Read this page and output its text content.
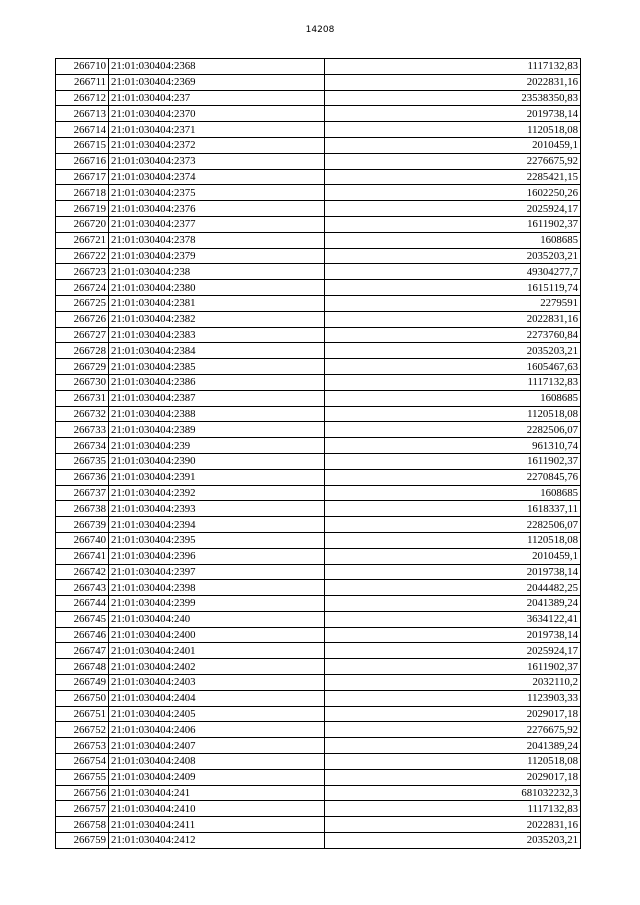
14208
266710	21:01:030404:2368	1117132,83
266711	21:01:030404:2369	2022831,16
266712	21:01:030404:237	23538350,83
266713	21:01:030404:2370	2019738,14
266714	21:01:030404:2371	1120518,08
266715	21:01:030404:2372	2010459,1
266716	21:01:030404:2373	2276675,92
266717	21:01:030404:2374	2285421,15
266718	21:01:030404:2375	1602250,26
266719	21:01:030404:2376	2025924,17
266720	21:01:030404:2377	1611902,37
266721	21:01:030404:2378	1608685
266722	21:01:030404:2379	2035203,21
266723	21:01:030404:238	49304277,7
266724	21:01:030404:2380	1615119,74
266725	21:01:030404:2381	2279591
266726	21:01:030404:2382	2022831,16
266727	21:01:030404:2383	2273760,84
266728	21:01:030404:2384	2035203,21
266729	21:01:030404:2385	1605467,63
266730	21:01:030404:2386	1117132,83
266731	21:01:030404:2387	1608685
266732	21:01:030404:2388	1120518,08
266733	21:01:030404:2389	2282506,07
266734	21:01:030404:239	961310,74
266735	21:01:030404:2390	1611902,37
266736	21:01:030404:2391	2270845,76
266737	21:01:030404:2392	1608685
266738	21:01:030404:2393	1618337,11
266739	21:01:030404:2394	2282506,07
266740	21:01:030404:2395	1120518,08
266741	21:01:030404:2396	2010459,1
266742	21:01:030404:2397	2019738,14
266743	21:01:030404:2398	2044482,25
266744	21:01:030404:2399	2041389,24
266745	21:01:030404:240	3634122,41
266746	21:01:030404:2400	2019738,14
266747	21:01:030404:2401	2025924,17
266748	21:01:030404:2402	1611902,37
266749	21:01:030404:2403	2032110,2
266750	21:01:030404:2404	1123903,33
266751	21:01:030404:2405	2029017,18
266752	21:01:030404:2406	2276675,92
266753	21:01:030404:2407	2041389,24
266754	21:01:030404:2408	1120518,08
266755	21:01:030404:2409	2029017,18
266756	21:01:030404:241	681032232,3
266757	21:01:030404:2410	1117132,83
266758	21:01:030404:2411	2022831,16
266759	21:01:030404:2412	2035203,21
